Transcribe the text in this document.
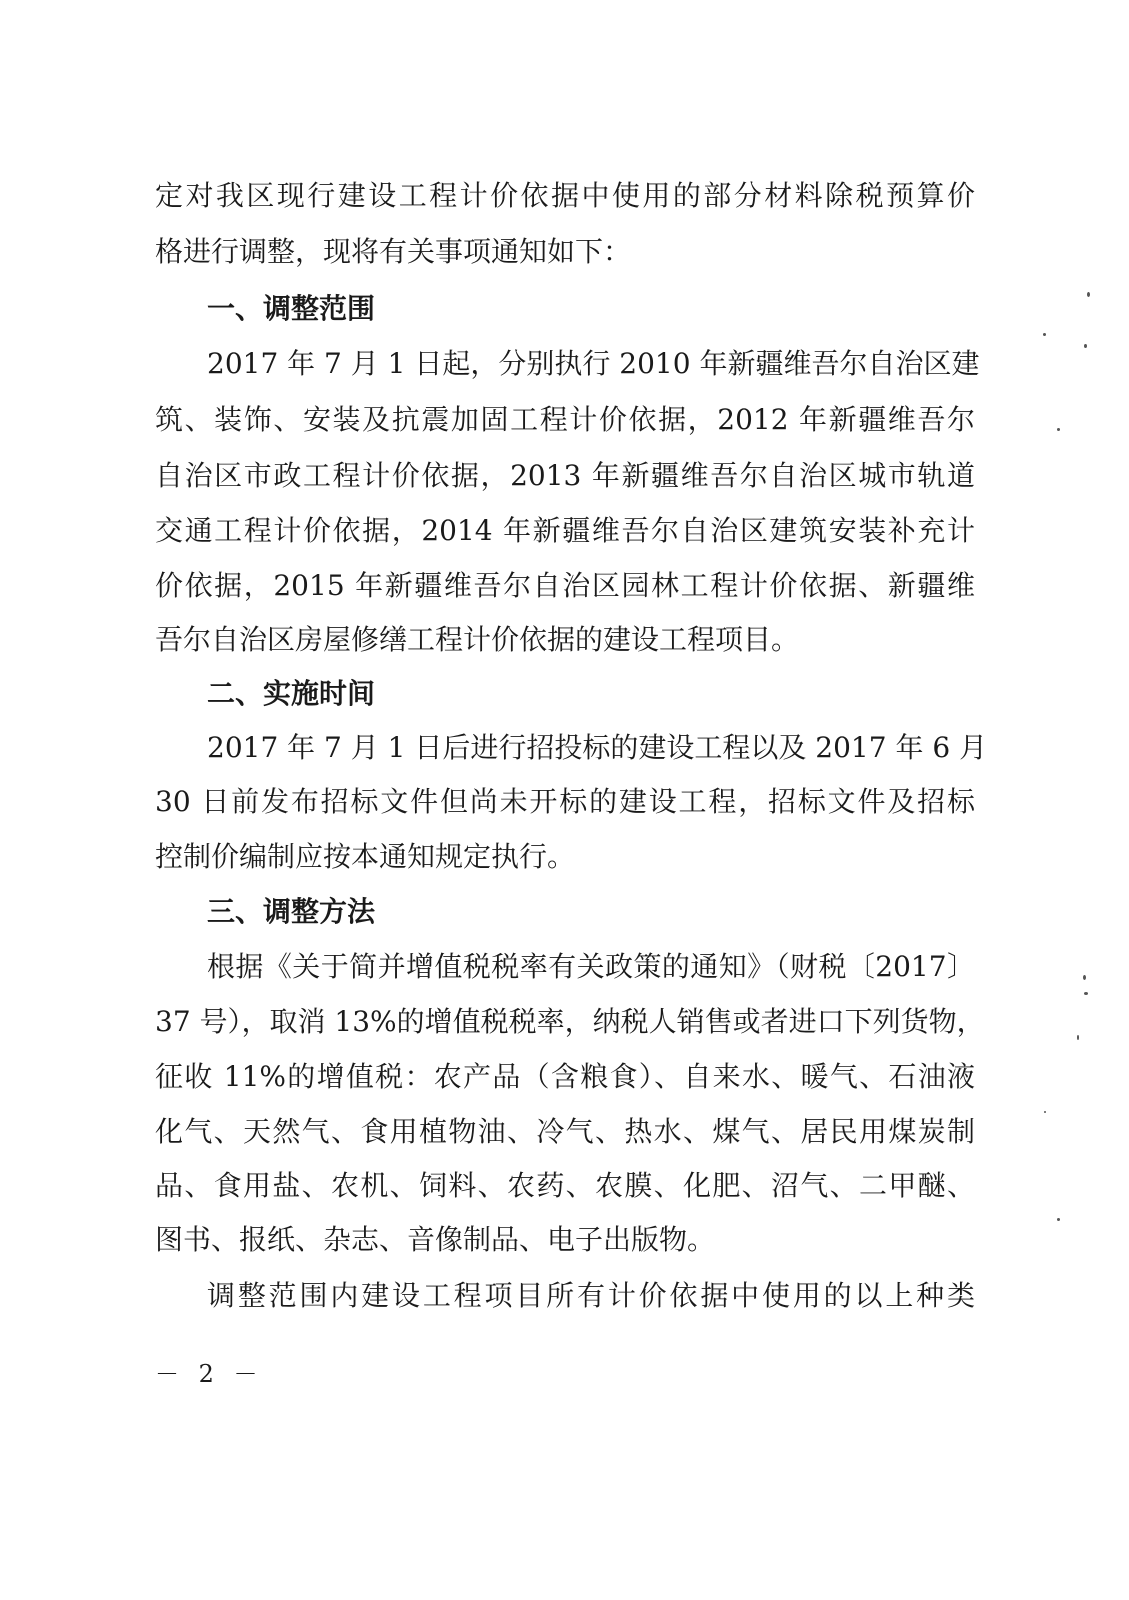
定对我区现行建设工程计价依据中使用的部分材料除税预算价
格进行调整，现将有关事项通知如下：
一、调整范围
2017 年 7 月 1 日起，分别执行 2010 年新疆维吾尔自治区建
筑、装饰、安装及抗震加固工程计价依据，2012 年新疆维吾尔
自治区市政工程计价依据，2013 年新疆维吾尔自治区城市轨道
交通工程计价依据，2014 年新疆维吾尔自治区建筑安装补充计
价依据，2015 年新疆维吾尔自治区园林工程计价依据、新疆维
吾尔自治区房屋修缮工程计价依据的建设工程项目。
二、实施时间
2017 年 7 月 1 日后进行招投标的建设工程以及 2017 年 6 月
30 日前发布招标文件但尚未开标的建设工程，招标文件及招标
控制价编制应按本通知规定执行。
三、调整方法
根据《关于简并增值税税率有关政策的通知》（财税〔2017〕
37 号），取消 13%的增值税税率，纳税人销售或者进口下列货物，
征收 11%的增值税：农产品（含粮食）、自来水、暖气、石油液
化气、天然气、食用植物油、冷气、热水、煤气、居民用煤炭制
品、食用盐、农机、饲料、农药、农膜、化肥、沼气、二甲醚、
图书、报纸、杂志、音像制品、电子出版物。
调整范围内建设工程项目所有计价依据中使用的以上种类
－ 2 －
